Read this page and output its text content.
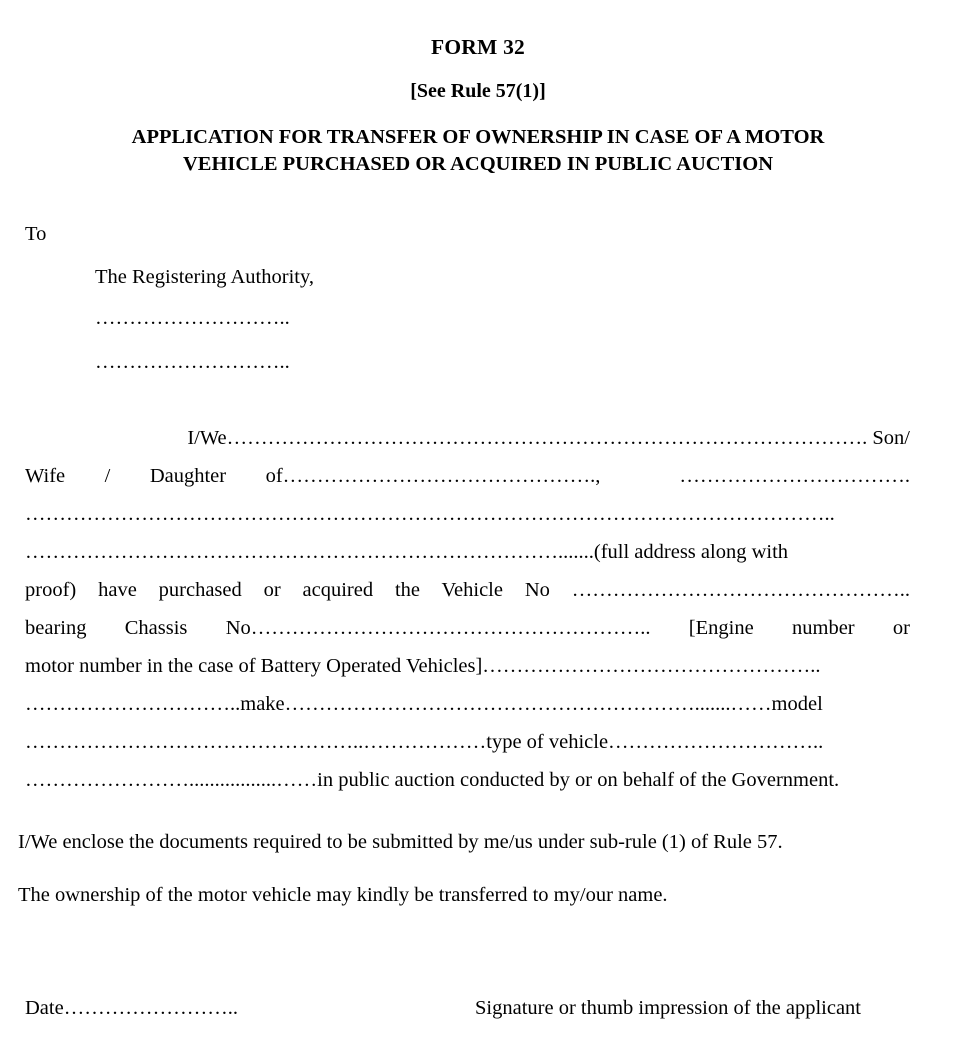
FORM 32
[See Rule 57(1)]
APPLICATION FOR TRANSFER OF OWNERSHIP IN CASE OF A MOTOR
VEHICLE PURCHASED OR ACQUIRED IN PUBLIC AUCTION
To
The Registering Authority,
………………………..
………………………..
I/We…………………………………………………………………………………. Son/
Wife / Daughter of……………………………………….,  …………………………….
………………………………………………………………………………………………………..
…………………………………………………………………….......(full address along with
proof) have purchased or acquired the Vehicle No …………………………………………..
bearing Chassis No………………………………………………….. [Engine number or
motor number in the case of Battery Operated Vehicles]…………………………………………..
…………………………..make…………………………………………………….......……model
…………………………………………..………………type of vehicle…………………………..
…………………….................……in public auction conducted by or on behalf of the Government.
I/We enclose the documents required to be submitted by me/us under sub-rule (1) of Rule 57.
The ownership of the motor vehicle may kindly be transferred to my/our name.
Date……………………..	Signature or thumb impression of the applicant
